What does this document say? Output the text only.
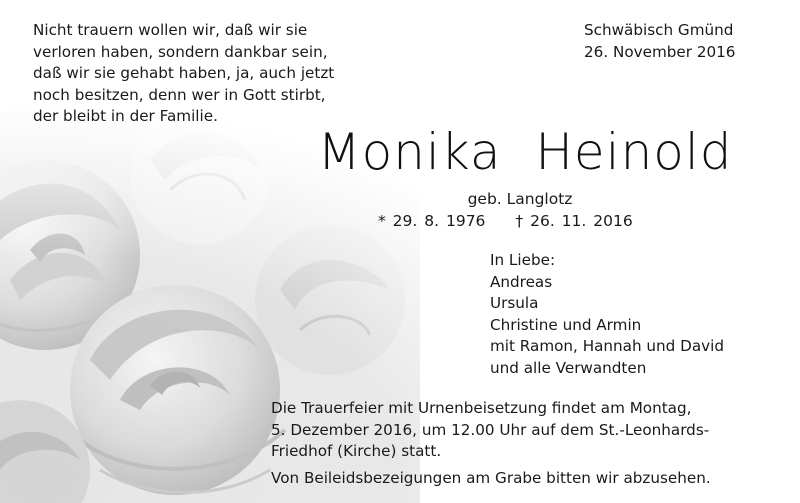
Nicht trauern wollen wir, daß wir sie
verloren haben, sondern dankbar sein,
daß wir sie gehabt haben, ja, auch jetzt
noch besitzen, denn wer in Gott stirbt,
der bleibt in der Familie.
Schwäbisch Gmünd
26. November 2016
Monika  Heinold
geb. Langlotz
* 29. 8. 1976 † 26. 11. 2016
In Liebe:
Andreas
Ursula
Christine und Armin
mit Ramon, Hannah und David
und alle Verwandten
Die Trauerfeier mit Urnenbeisetzung findet am Montag,
5. Dezember 2016, um 12.00 Uhr auf dem St.-Leonhards-
Friedhof (Kirche) statt.
Von Beileidsbezeigungen am Grabe bitten wir abzusehen.
